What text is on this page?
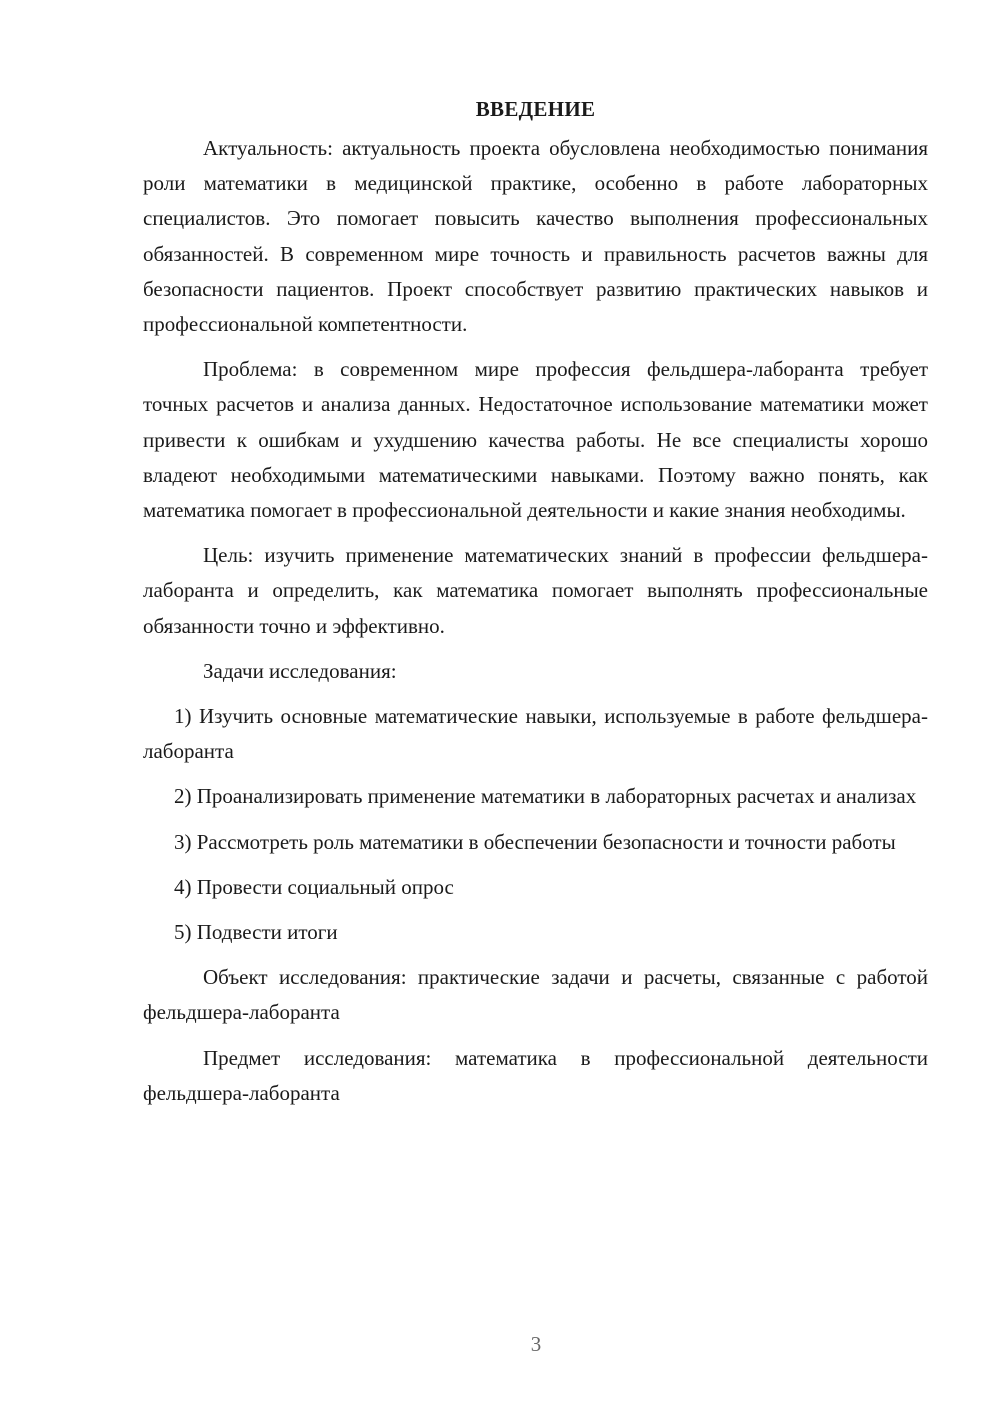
ВВЕДЕНИЕ

Актуальность: актуальность проекта обусловлена необходимостью понимания роли математики в медицинской практике, особенно в работе лабораторных специалистов. Это помогает повысить качество выполнения профессиональных обязанностей. В современном мире точность и правильность расчетов важны для безопасности пациентов. Проект способствует развитию практических навыков и профессиональной компетентности.

Проблема: в современном мире профессия фельдшера-лаборанта требует точных расчетов и анализа данных. Недостаточное использование математики может привести к ошибкам и ухудшению качества работы. Не все специалисты хорошо владеют необходимыми математическими навыками. Поэтому важно понять, как математика помогает в профессиональной деятельности и какие знания необходимы.

Цель: изучить применение математических знаний в профессии фельдшера-лаборанта и определить, как математика помогает выполнять профессиональные обязанности точно и эффективно.

Задачи исследования:

1) Изучить основные математические навыки, используемые в работе фельдшера-лаборанта

2) Проанализировать применение математики в лабораторных расчетах и анализах

3) Рассмотреть роль математики в обеспечении безопасности и точности работы

4) Провести социальный опрос

5) Подвести итоги

Объект исследования: практические задачи и расчеты, связанные с работой фельдшера-лаборанта

Предмет исследования: математика в профессиональной деятельности фельдшера-лаборанта

3
